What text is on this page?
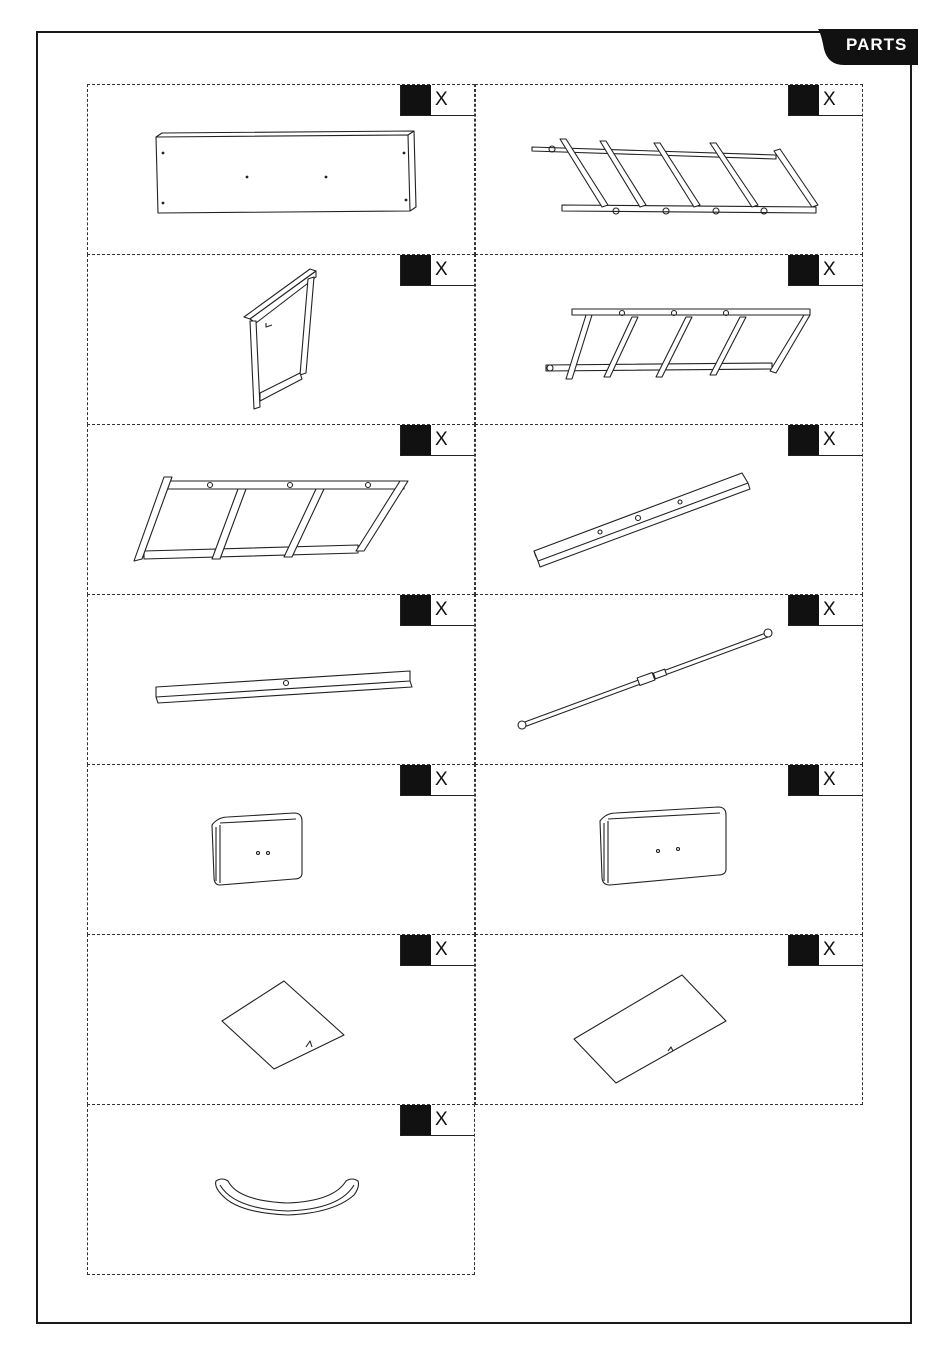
PARTS
X	X
X	X
X	X
X	X
X	X
X	X
X
